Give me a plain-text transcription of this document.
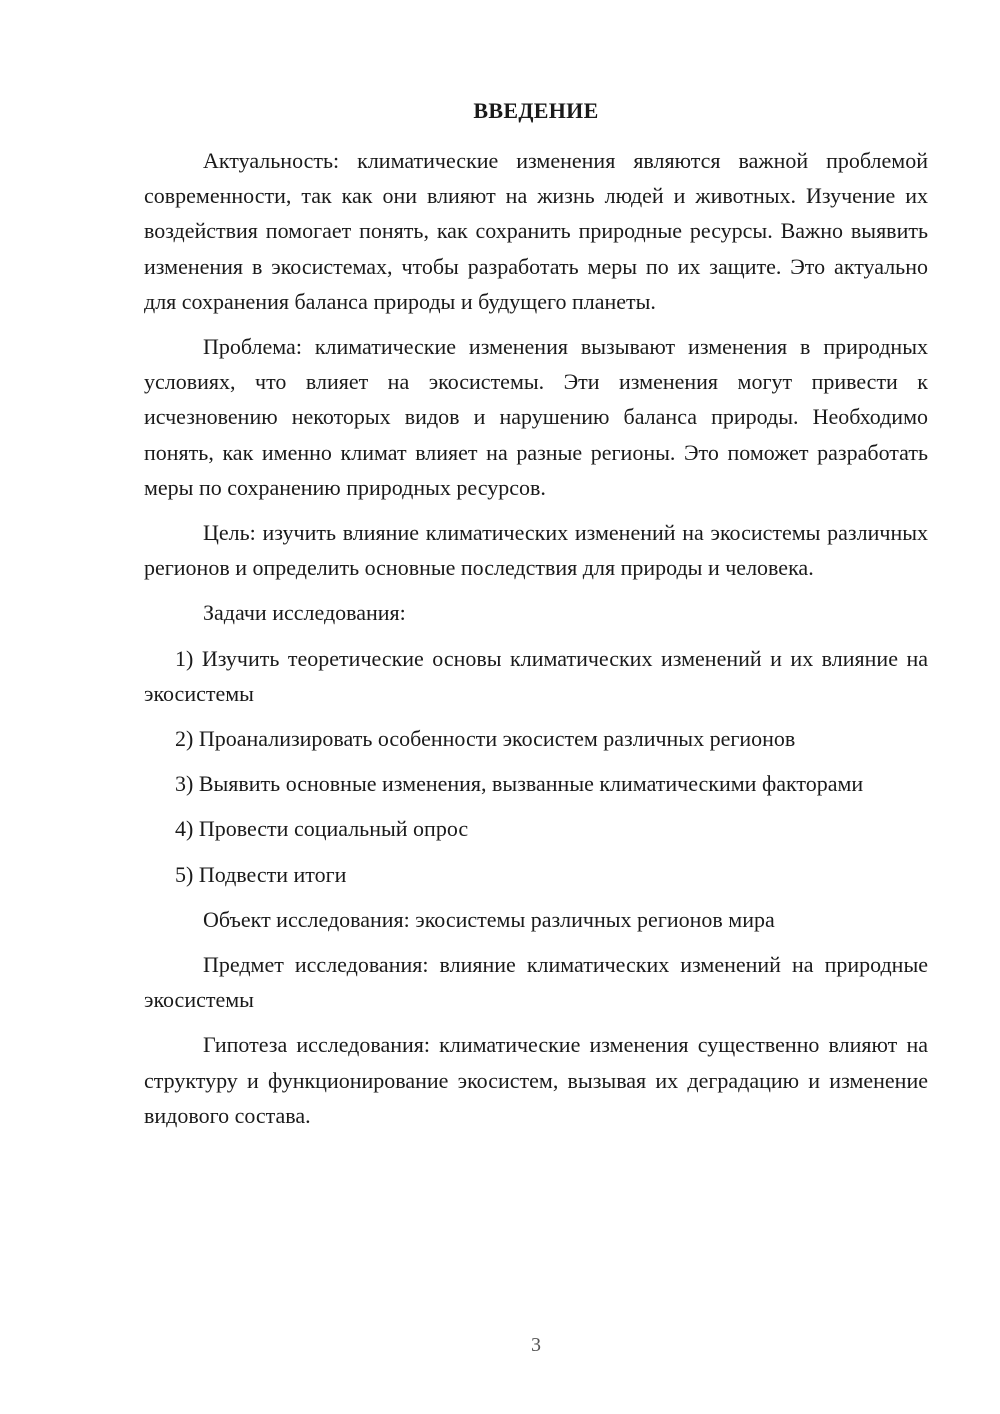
ВВЕДЕНИЕ

Актуальность: климатические изменения являются важной проблемой современности, так как они влияют на жизнь людей и животных. Изучение их воздействия помогает понять, как сохранить природные ресурсы. Важно выявить изменения в экосистемах, чтобы разработать меры по их защите. Это актуально для сохранения баланса природы и будущего планеты.

Проблема: климатические изменения вызывают изменения в природных условиях, что влияет на экосистемы. Эти изменения могут привести к исчезновению некоторых видов и нарушению баланса природы. Необходимо понять, как именно климат влияет на разные регионы. Это поможет разработать меры по сохранению природных ресурсов.

Цель: изучить влияние климатических изменений на экосистемы различных регионов и определить основные последствия для природы и человека.

Задачи исследования:

1) Изучить теоретические основы климатических изменений и их влияние на экосистемы

2) Проанализировать особенности экосистем различных регионов

3) Выявить основные изменения, вызванные климатическими факторами

4) Провести социальный опрос

5) Подвести итоги

Объект исследования: экосистемы различных регионов мира

Предмет исследования: влияние климатических изменений на природные экосистемы

Гипотеза исследования: климатические изменения существенно влияют на структуру и функционирование экосистем, вызывая их деградацию и изменение видового состава.

3
